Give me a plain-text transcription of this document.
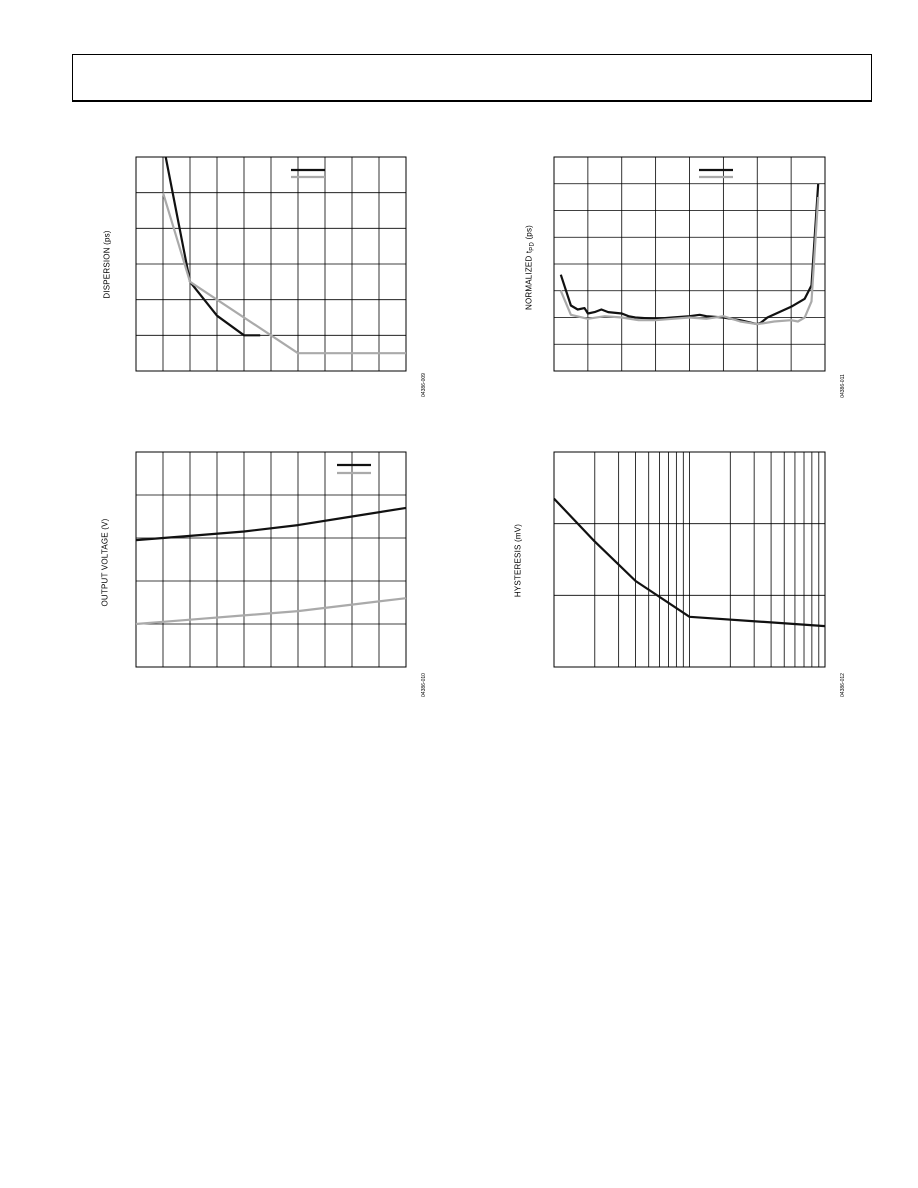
DISPERSION (ps)
04386-009
NORMALIZED $t_{PD}$ (ps)
04386-011
OUTPUT VOLTAGE (V)
04386-010
HYSTERESIS (mV)
04386-012
